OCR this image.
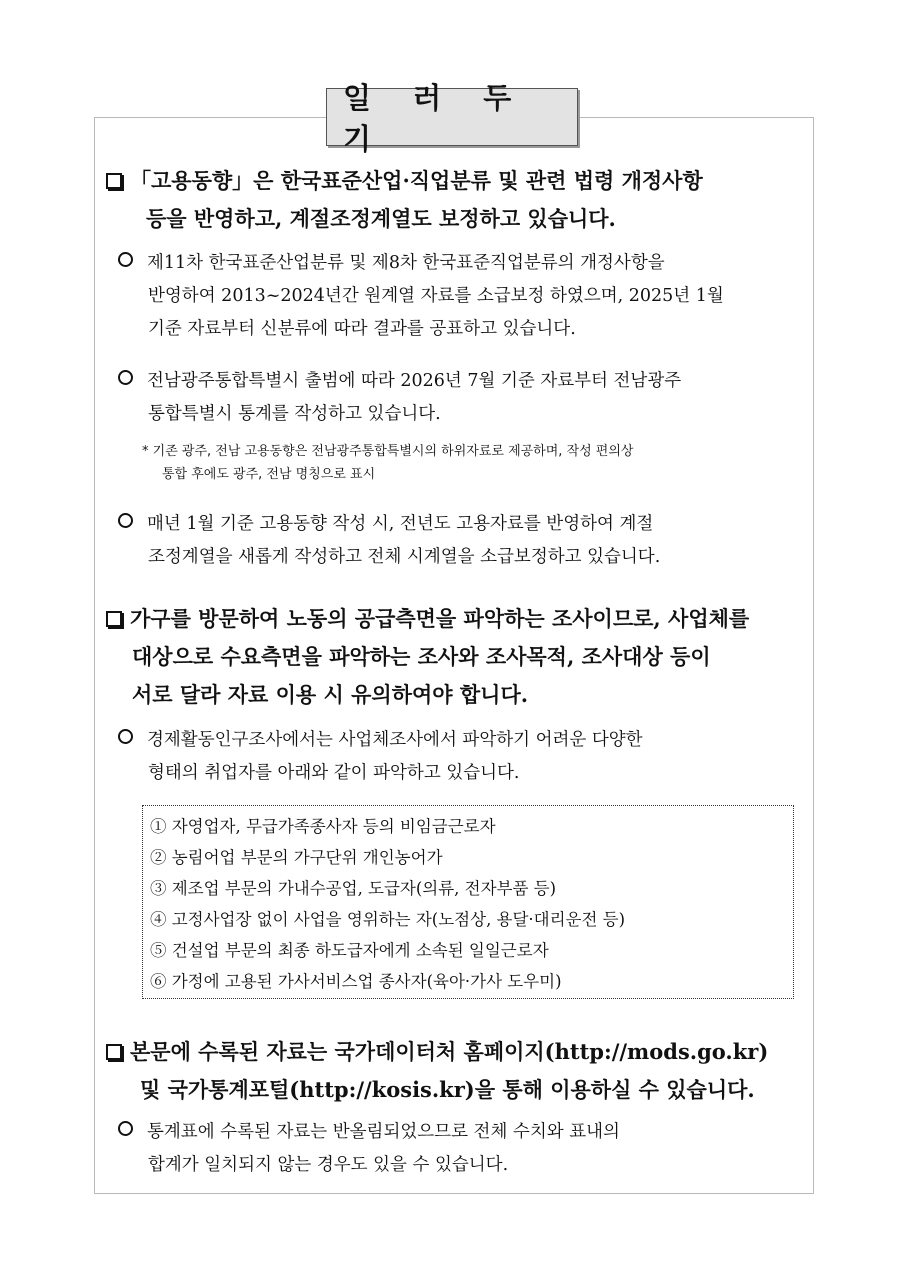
일 러 두 기
「고용동향」은 한국표준산업·직업분류 및 관련 법령 개정사항
등을 반영하고, 계절조정계열도 보정하고 있습니다.
제11차 한국표준산업분류 및 제8차 한국표준직업분류의 개정사항을
반영하여 2013~2024년간 원계열 자료를 소급보정 하였으며, 2025년 1월
기준 자료부터 신분류에 따라 결과를 공표하고 있습니다.
전남광주통합특별시 출범에 따라 2026년 7월 기준 자료부터 전남광주
통합특별시 통계를 작성하고 있습니다.
* 기존 광주, 전남 고용동향은 전남광주통합특별시의 하위자료로 제공하며, 작성 편의상
통합 후에도 광주, 전남 명칭으로 표시
매년 1월 기준 고용동향 작성 시, 전년도 고용자료를 반영하여 계절
조정계열을 새롭게 작성하고 전체 시계열을 소급보정하고 있습니다.
가구를 방문하여 노동의 공급측면을 파악하는 조사이므로, 사업체를
대상으로 수요측면을 파악하는 조사와 조사목적, 조사대상 등이
서로 달라 자료 이용 시 유의하여야 합니다.
경제활동인구조사에서는 사업체조사에서 파악하기 어려운 다양한
형태의 취업자를 아래와 같이 파악하고 있습니다.
① 자영업자, 무급가족종사자 등의 비임금근로자
② 농림어업 부문의 가구단위 개인농어가
③ 제조업 부문의 가내수공업, 도급자(의류, 전자부품 등)
④ 고정사업장 없이 사업을 영위하는 자(노점상, 용달·대리운전 등)
⑤ 건설업 부문의 최종 하도급자에게 소속된 일일근로자
⑥ 가정에 고용된 가사서비스업 종사자(육아·가사 도우미)
본문에 수록된 자료는 국가데이터처 홈페이지(http://mods.go.kr)
및 국가통계포털(http://kosis.kr)을 통해 이용하실 수 있습니다.
통계표에 수록된 자료는 반올림되었으므로 전체 수치와 표내의
합계가 일치되지 않는 경우도 있을 수 있습니다.
